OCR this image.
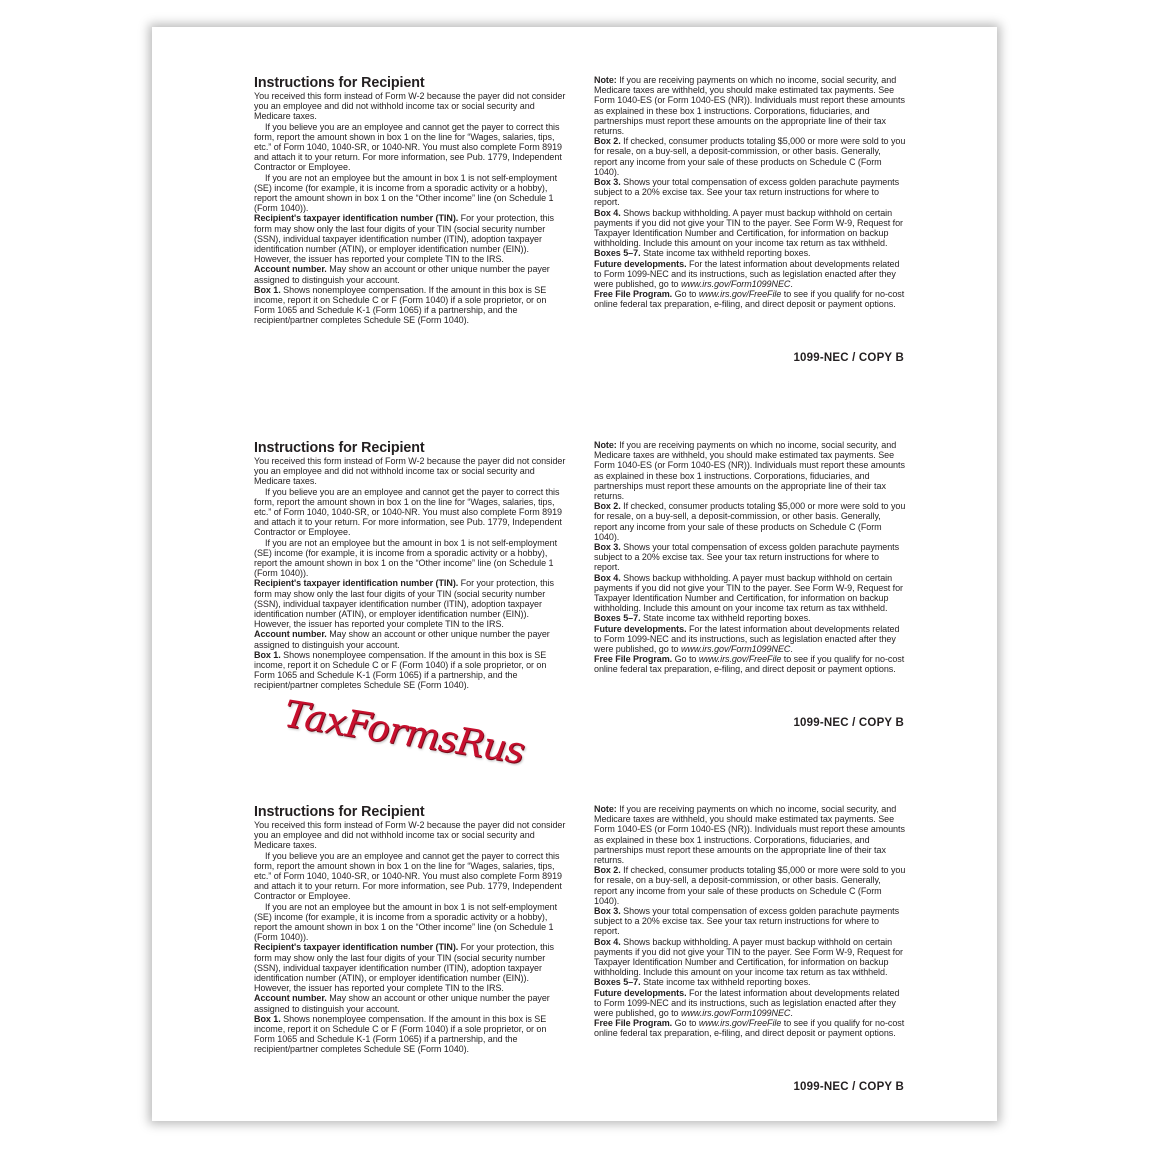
Instructions for Recipient

You received this form instead of Form W-2 because the payer did not consider you an employee and did not withhold income tax or social security and Medicare taxes.

If you believe you are an employee and cannot get the payer to correct this form, report the amount shown in box 1 on the line for “Wages, salaries, tips, etc.” of Form 1040, 1040-SR, or 1040-NR. You must also complete Form 8919 and attach it to your return. For more information, see Pub. 1779, Independent Contractor or Employee.

If you are not an employee but the amount in box 1 is not self-employment (SE) income (for example, it is income from a sporadic activity or a hobby), report the amount shown in box 1 on the “Other income” line (on Schedule 1 (Form 1040)).

Recipient's taxpayer identification number (TIN). For your protection, this form may show only the last four digits of your TIN (social security number (SSN), individual taxpayer identification number (ITIN), adoption taxpayer identification number (ATIN), or employer identification number (EIN)). However, the issuer has reported your complete TIN to the IRS.

Account number. May show an account or other unique number the payer assigned to distinguish your account.

Box 1. Shows nonemployee compensation. If the amount in this box is SE income, report it on Schedule C or F (Form 1040) if a sole proprietor, or on Form 1065 and Schedule K-1 (Form 1065) if a partnership, and the recipient/partner completes Schedule SE (Form 1040).

Note: If you are receiving payments on which no income, social security, and Medicare taxes are withheld, you should make estimated tax payments. See Form 1040-ES (or Form 1040-ES (NR)). Individuals must report these amounts as explained in these box 1 instructions. Corporations, fiduciaries, and partnerships must report these amounts on the appropriate line of their tax returns.

Box 2. If checked, consumer products totaling $5,000 or more were sold to you for resale, on a buy-sell, a deposit-commission, or other basis. Generally, report any income from your sale of these products on Schedule C (Form 1040).

Box 3. Shows your total compensation of excess golden parachute payments subject to a 20% excise tax. See your tax return instructions for where to report.

Box 4. Shows backup withholding. A payer must backup withhold on certain payments if you did not give your TIN to the payer. See Form W-9, Request for Taxpayer Identification Number and Certification, for information on backup withholding. Include this amount on your income tax return as tax withheld.

Boxes 5–7. State income tax withheld reporting boxes.

Future developments. For the latest information about developments related to Form 1099-NEC and its instructions, such as legislation enacted after they were published, go to www.irs.gov/Form1099NEC.

Free File Program. Go to www.irs.gov/FreeFile to see if you qualify for no-cost online federal tax preparation, e-filing, and direct deposit or payment options.

1099-NEC / COPY B
Instructions for Recipient

You received this form instead of Form W-2 because the payer did not consider you an employee and did not withhold income tax or social security and Medicare taxes.

If you believe you are an employee and cannot get the payer to correct this form, report the amount shown in box 1 on the line for “Wages, salaries, tips, etc.” of Form 1040, 1040-SR, or 1040-NR. You must also complete Form 8919 and attach it to your return. For more information, see Pub. 1779, Independent Contractor or Employee.

If you are not an employee but the amount in box 1 is not self-employment (SE) income (for example, it is income from a sporadic activity or a hobby), report the amount shown in box 1 on the “Other income” line (on Schedule 1 (Form 1040)).

Recipient's taxpayer identification number (TIN). For your protection, this form may show only the last four digits of your TIN (social security number (SSN), individual taxpayer identification number (ITIN), adoption taxpayer identification number (ATIN), or employer identification number (EIN)). However, the issuer has reported your complete TIN to the IRS.

Account number. May show an account or other unique number the payer assigned to distinguish your account.

Box 1. Shows nonemployee compensation. If the amount in this box is SE income, report it on Schedule C or F (Form 1040) if a sole proprietor, or on Form 1065 and Schedule K-1 (Form 1065) if a partnership, and the recipient/partner completes Schedule SE (Form 1040).

Note: If you are receiving payments on which no income, social security, and Medicare taxes are withheld, you should make estimated tax payments. See Form 1040-ES (or Form 1040-ES (NR)). Individuals must report these amounts as explained in these box 1 instructions. Corporations, fiduciaries, and partnerships must report these amounts on the appropriate line of their tax returns.

Box 2. If checked, consumer products totaling $5,000 or more were sold to you for resale, on a buy-sell, a deposit-commission, or other basis. Generally, report any income from your sale of these products on Schedule C (Form 1040).

Box 3. Shows your total compensation of excess golden parachute payments subject to a 20% excise tax. See your tax return instructions for where to report.

Box 4. Shows backup withholding. A payer must backup withhold on certain payments if you did not give your TIN to the payer. See Form W-9, Request for Taxpayer Identification Number and Certification, for information on backup withholding. Include this amount on your income tax return as tax withheld.

Boxes 5–7. State income tax withheld reporting boxes.

Future developments. For the latest information about developments related to Form 1099-NEC and its instructions, such as legislation enacted after they were published, go to www.irs.gov/Form1099NEC.

Free File Program. Go to www.irs.gov/FreeFile to see if you qualify for no-cost online federal tax preparation, e-filing, and direct deposit or payment options.

1099-NEC / COPY B
Instructions for Recipient

You received this form instead of Form W-2 because the payer did not consider you an employee and did not withhold income tax or social security and Medicare taxes.

If you believe you are an employee and cannot get the payer to correct this form, report the amount shown in box 1 on the line for “Wages, salaries, tips, etc.” of Form 1040, 1040-SR, or 1040-NR. You must also complete Form 8919 and attach it to your return. For more information, see Pub. 1779, Independent Contractor or Employee.

If you are not an employee but the amount in box 1 is not self-employment (SE) income (for example, it is income from a sporadic activity or a hobby), report the amount shown in box 1 on the “Other income” line (on Schedule 1 (Form 1040)).

Recipient's taxpayer identification number (TIN). For your protection, this form may show only the last four digits of your TIN (social security number (SSN), individual taxpayer identification number (ITIN), adoption taxpayer identification number (ATIN), or employer identification number (EIN)). However, the issuer has reported your complete TIN to the IRS.

Account number. May show an account or other unique number the payer assigned to distinguish your account.

Box 1. Shows nonemployee compensation. If the amount in this box is SE income, report it on Schedule C or F (Form 1040) if a sole proprietor, or on Form 1065 and Schedule K-1 (Form 1065) if a partnership, and the recipient/partner completes Schedule SE (Form 1040).

Note: If you are receiving payments on which no income, social security, and Medicare taxes are withheld, you should make estimated tax payments. See Form 1040-ES (or Form 1040-ES (NR)). Individuals must report these amounts as explained in these box 1 instructions. Corporations, fiduciaries, and partnerships must report these amounts on the appropriate line of their tax returns.

Box 2. If checked, consumer products totaling $5,000 or more were sold to you for resale, on a buy-sell, a deposit-commission, or other basis. Generally, report any income from your sale of these products on Schedule C (Form 1040).

Box 3. Shows your total compensation of excess golden parachute payments subject to a 20% excise tax. See your tax return instructions for where to report.

Box 4. Shows backup withholding. A payer must backup withhold on certain payments if you did not give your TIN to the payer. See Form W-9, Request for Taxpayer Identification Number and Certification, for information on backup withholding. Include this amount on your income tax return as tax withheld.

Boxes 5–7. State income tax withheld reporting boxes.

Future developments. For the latest information about developments related to Form 1099-NEC and its instructions, such as legislation enacted after they were published, go to www.irs.gov/Form1099NEC.

Free File Program. Go to www.irs.gov/FreeFile to see if you qualify for no-cost online federal tax preparation, e-filing, and direct deposit or payment options.

1099-NEC / COPY B
TaxFormsRus
